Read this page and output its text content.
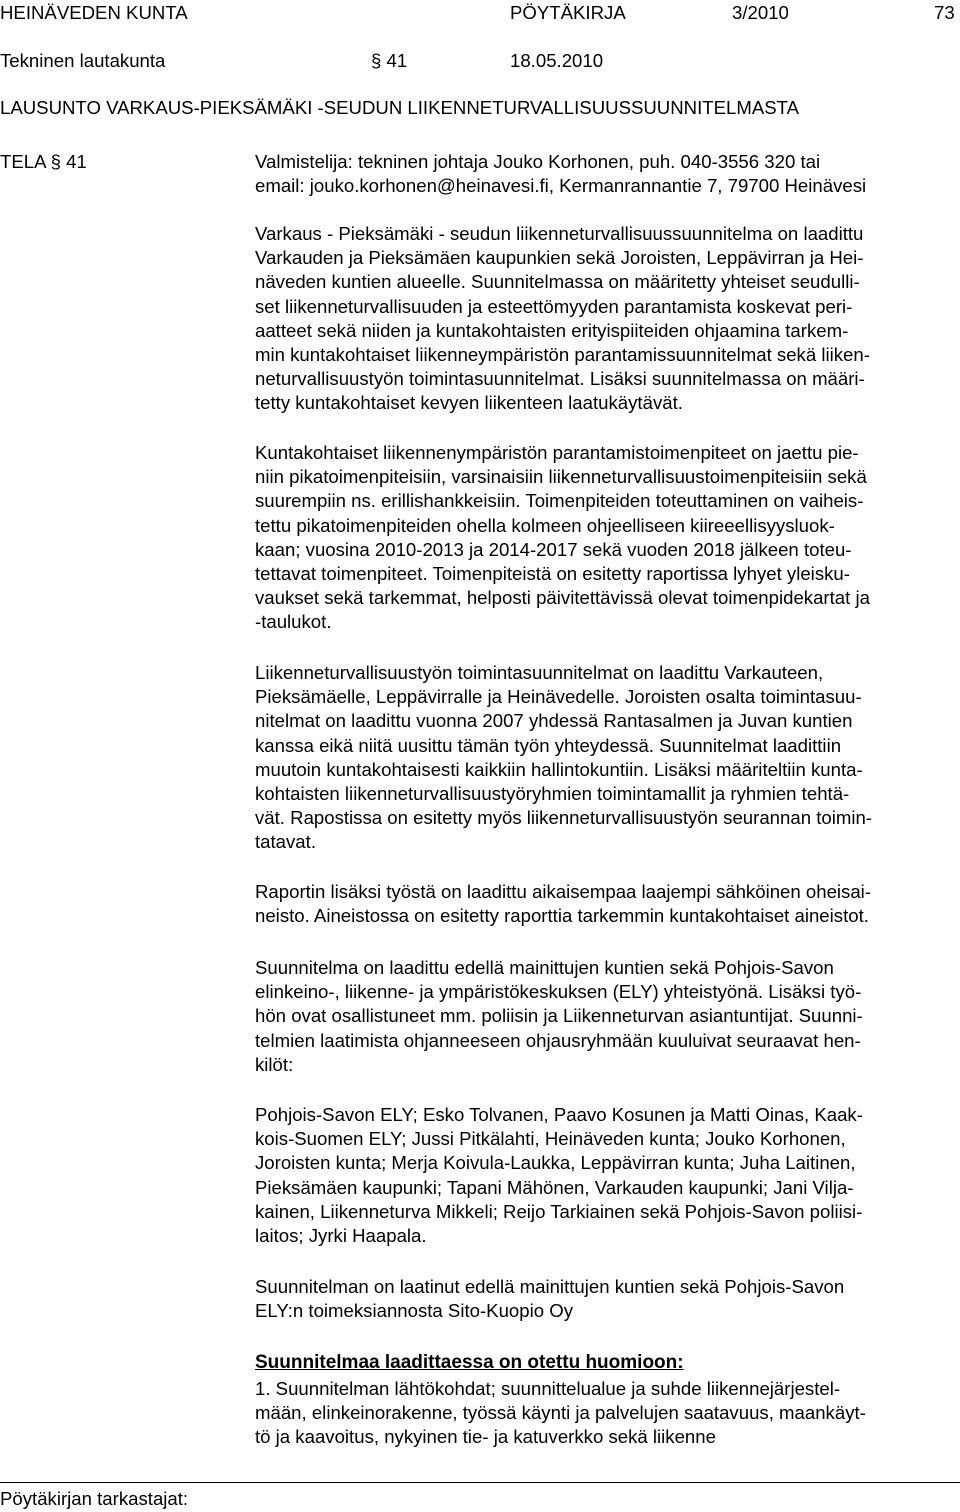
HEINÄVEDEN KUNTA	PÖYTÄKIRJA	3/2010	73
Tekninen lautakunta	§ 41	18.05.2010
LAUSUNTO VARKAUS-PIEKSÄMÄKI -SEUDUN LIIKENNETURVALLISUUSSUUNNITELMASTA
TELA § 41	Valmistelija: tekninen johtaja Jouko Korhonen, puh. 040-3556 320 tai
email: jouko.korhonen@heinavesi.fi, Kermanrannantie 7, 79700 Heinävesi
Varkaus - Pieksämäki - seudun liikenneturvallisuussuunnitelma on laadittu
Varkauden ja Pieksämäen kaupunkien sekä Joroisten, Leppävirran ja Hei-
näveden kuntien alueelle. Suunnitelmassa on määritetty yhteiset seudulli-
set liikenneturvallisuuden ja esteettömyyden parantamista koskevat peri-
aatteet sekä niiden ja kuntakohtaisten erityispiiteiden ohjaamina tarkem-
min kuntakohtaiset liikenneympäristön parantamissuunnitelmat sekä liiken-
neturvallisuustyön toimintasuunnitelmat. Lisäksi suunnitelmassa on määri-
tetty kuntakohtaiset kevyen liikenteen laatukäytävät.
Kuntakohtaiset liikennenympäristön parantamistoimenpiteet on jaettu pie-
niin pikatoimenpiteisiin, varsinaisiin liikenneturvallisuustoimenpiteisiin sekä
suurempiin ns. erillishankkeisiin. Toimenpiteiden toteuttaminen on vaiheis-
tettu pikatoimenpiteiden ohella kolmeen ohjeelliseen kiireeellisyysluok-
kaan; vuosina 2010-2013 ja 2014-2017 sekä vuoden 2018 jälkeen toteu-
tettavat toimenpiteet. Toimenpiteistä on esitetty raportissa lyhyet yleisku-
vaukset sekä tarkemmat, helposti päivitettävissä olevat toimenpidekartat ja
-taulukot.
Liikenneturvallisuustyön toimintasuunnitelmat on laadittu Varkauteen,
Pieksämäelle, Leppävirralle ja Heinävedelle. Joroisten osalta toimintasuu-
nitelmat on laadittu vuonna 2007 yhdessä Rantasalmen ja Juvan kuntien
kanssa eikä niitä uusittu tämän työn yhteydessä. Suunnitelmat laadittiin
muutoin kuntakohtaisesti kaikkiin hallintokuntiin. Lisäksi määriteltiin kunta-
kohtaisten liikenneturvallisuustyöryhmien toimintamallit ja ryhmien tehtä-
vät. Rapostissa on esitetty myös liikenneturvallisuustyön seurannan toimin-
tatavat.
Raportin lisäksi työstä on laadittu aikaisempaa laajempi sähköinen oheisai-
neisto. Aineistossa on esitetty raporttia tarkemmin kuntakohtaiset aineistot.
Suunnitelma on laadittu edellä mainittujen kuntien sekä Pohjois-Savon
elinkeino-, liikenne- ja ympäristökeskuksen (ELY) yhteistyönä. Lisäksi työ-
hön ovat osallistuneet mm. poliisin ja Liikenneturvan asiantuntijat. Suunni-
telmien laatimista ohjanneeseen ohjausryhmään kuuluivat seuraavat hen-
kilöt:
Pohjois-Savon ELY; Esko Tolvanen, Paavo Kosunen ja Matti Oinas, Kaak-
kois-Suomen ELY; Jussi Pitkälahti, Heinäveden kunta; Jouko Korhonen,
Joroisten kunta; Merja Koivula-Laukka, Leppävirran kunta; Juha Laitinen,
Pieksämäen kaupunki; Tapani Mähönen, Varkauden kaupunki; Jani Vilja-
kainen, Liikenneturva Mikkeli; Reijo Tarkiainen sekä Pohjois-Savon poliisi-
laitos; Jyrki Haapala.
Suunnitelman on laatinut edellä mainittujen kuntien sekä Pohjois-Savon
ELY:n toimeksiannosta Sito-Kuopio Oy
Suunnitelmaa laadittaessa on otettu huomioon:
1. Suunnitelman lähtökohdat; suunnittelualue ja suhde liikennejärjestel-
mään, elinkeinorakenne, työssä käynti ja palvelujen saatavuus, maankäyt-
tö ja kaavoitus, nykyinen tie- ja katuverkko sekä liikenne
Pöytäkirjan tarkastajat:
